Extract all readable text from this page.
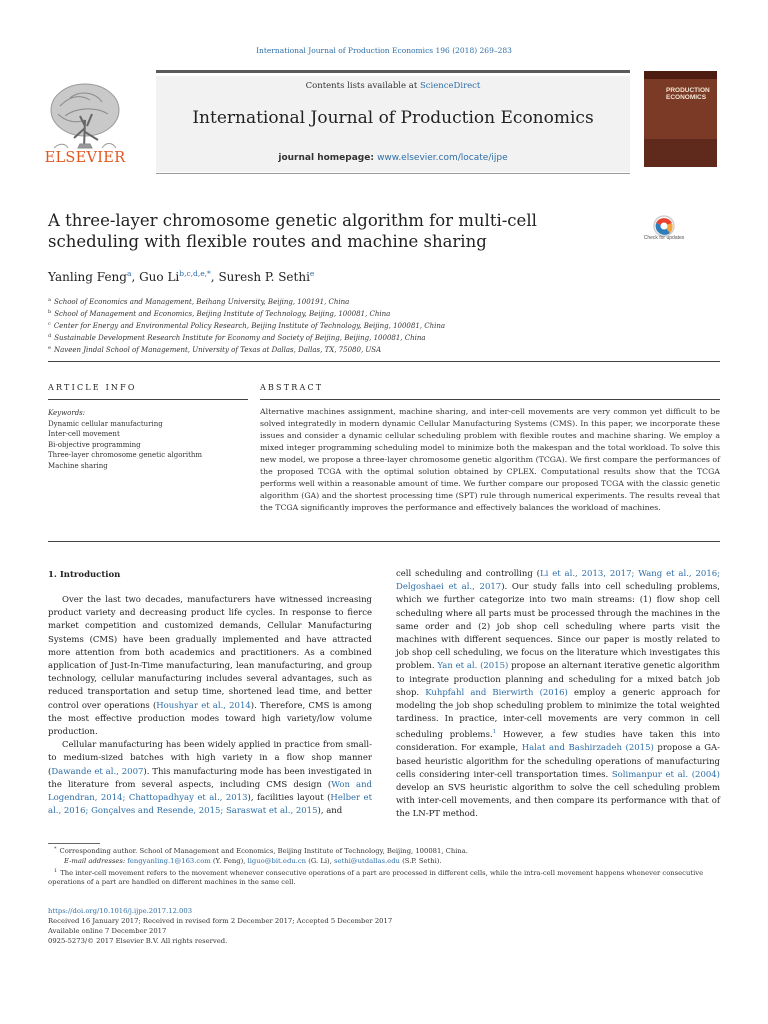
International Journal of Production Economics 196 (2018) 269–283
Contents lists available at ScienceDirect
International Journal of Production Economics
journal homepage: www.elsevier.com/locate/ijpe
ELSEVIER
PRODUCTION ECONOMICS
A three-layer chromosome genetic algorithm for multi-cell scheduling with flexible routes and machine sharing	Check for updates
Yanling Feng$^a$, Guo $Li^{b,c,d,e,*}$, Suresh P. Sethi$^e$
$^a$ School of Economics and Management, Beihang University, Beijing, 100191, China
$^b$ School of Management and Economics, Beijing Institute of Technology, Beijing, 100081, China
$^c$ Center for Energy and Environmental Policy Research, Beijing Institute of Technology, Beijing, 100081, China
$^d$ Sustainable Development Research Institute for Economy and Society of Beijing, Beijing, 100081, China
$^e$ Naveen Jindal School of Management, University of Texas at Dallas, Dallas, TX, 75080, USA
ARTICLE INFO	ABSTRACT
Keywords:
Dynamic cellular manufacturing
Inter-cell movement
Bi-objective programming
Three-layer chromosome genetic algorithm
Machine sharing
Alternative machines assignment, machine sharing, and inter-cell movements are very common yet difficult to be solved integratedly in modern dynamic Cellular Manufacturing Systems (CMS). In this paper, we incorporate these issues and consider a dynamic cellular scheduling problem with flexible routes and machine sharing. We employ a mixed integer programming scheduling model to minimize both the makespan and the total workload. To solve this new model, we propose a three-layer chromosome genetic algorithm (TCGA). We first compare the performances of the proposed TCGA with the optimal solution obtained by CPLEX. Computational results show that the TCGA performs well within a reasonable amount of time. We further compare our proposed TCGA with the classic genetic algorithm (GA) and the shortest processing time (SPT) rule through numerical experiments. The results reveal that the TCGA significantly improves the performance and effectively balances the workload of machines.
1. Introduction

Over the last two decades, manufacturers have witnessed increasing product variety and decreasing product life cycles. In response to fierce market competition and customized demands, Cellular Manufacturing Systems (CMS) have been gradually implemented and have attracted more attention from both academics and practitioners. As a combined application of Just-In-Time manufacturing, lean manufacturing, and group technology, cellular manufacturing includes several advantages, such as reduced transportation and setup time, shortened lead time, and better control over operations (Houshyar et al., 2014). Therefore, CMS is among the most effective production modes toward high variety/low volume production.

Cellular manufacturing has been widely applied in practice from small- to medium-sized batches with high variety in a flow shop manner (Dawande et al., 2007). This manufacturing mode has been investigated in the literature from several aspects, including CMS design (Won and Logendran, 2014; Chattopadhyay et al., 2013), facilities layout (Helber et al., 2016; Gonçalves and Resende, 2015; Saraswat et al., 2015), and

cell scheduling and controlling (Li et al., 2013, 2017; Wang et al., 2016; Delgoshaei et al., 2017). Our study falls into cell scheduling problems, which we further categorize into two main streams: (1) flow shop cell scheduling where all parts must be processed through the machines in the same order and (2) job shop cell scheduling where parts visit the machines with different sequences. Since our paper is mostly related to job shop cell scheduling, we focus on the literature which investigates this problem. Yan et al. (2015) propose an alternant iterative genetic algorithm to integrate production planning and scheduling for a mixed batch job shop. Kuhpfahl and Bierwirth (2016) employ a generic approach for modeling the job shop scheduling problem to minimize the total weighted tardiness. In practice, inter-cell movements are very common in cell scheduling problems.$^1$ However, a few studies have taken this into consideration. For example, Halat and Bashirzadeh (2015) propose a GA-based heuristic algorithm for the scheduling operations of manufacturing cells considering inter-cell transportation times. Solimanpur et al. (2004) develop an SVS heuristic algorithm to solve the cell scheduling problem with inter-cell movements, and then compare its performance with that of the LN-PT method.

* Corresponding author. School of Management and Economics, Beijing Institute of Technology, Beijing, 100081, China.

E-mail addresses: fengyanling.1@163.com (Y. Feng), liguo@bit.edu.cn (G. Li), sethi@utdallas.edu (S.P. Sethi).

$^1$ The inter-cell movement refers to the movement whenever consecutive operations of a part are processed in different cells, while the intra-cell movement happens whenever consecutive operations of a part are handled on different machines in the same cell.

https://doi.org/10.1016/j.ijpe.2017.12.003

Received 16 January 2017; Received in revised form 2 December 2017; Accepted 5 December 2017

Available online 7 December 2017

0925-5273/© 2017 Elsevier B.V. All rights reserved.
